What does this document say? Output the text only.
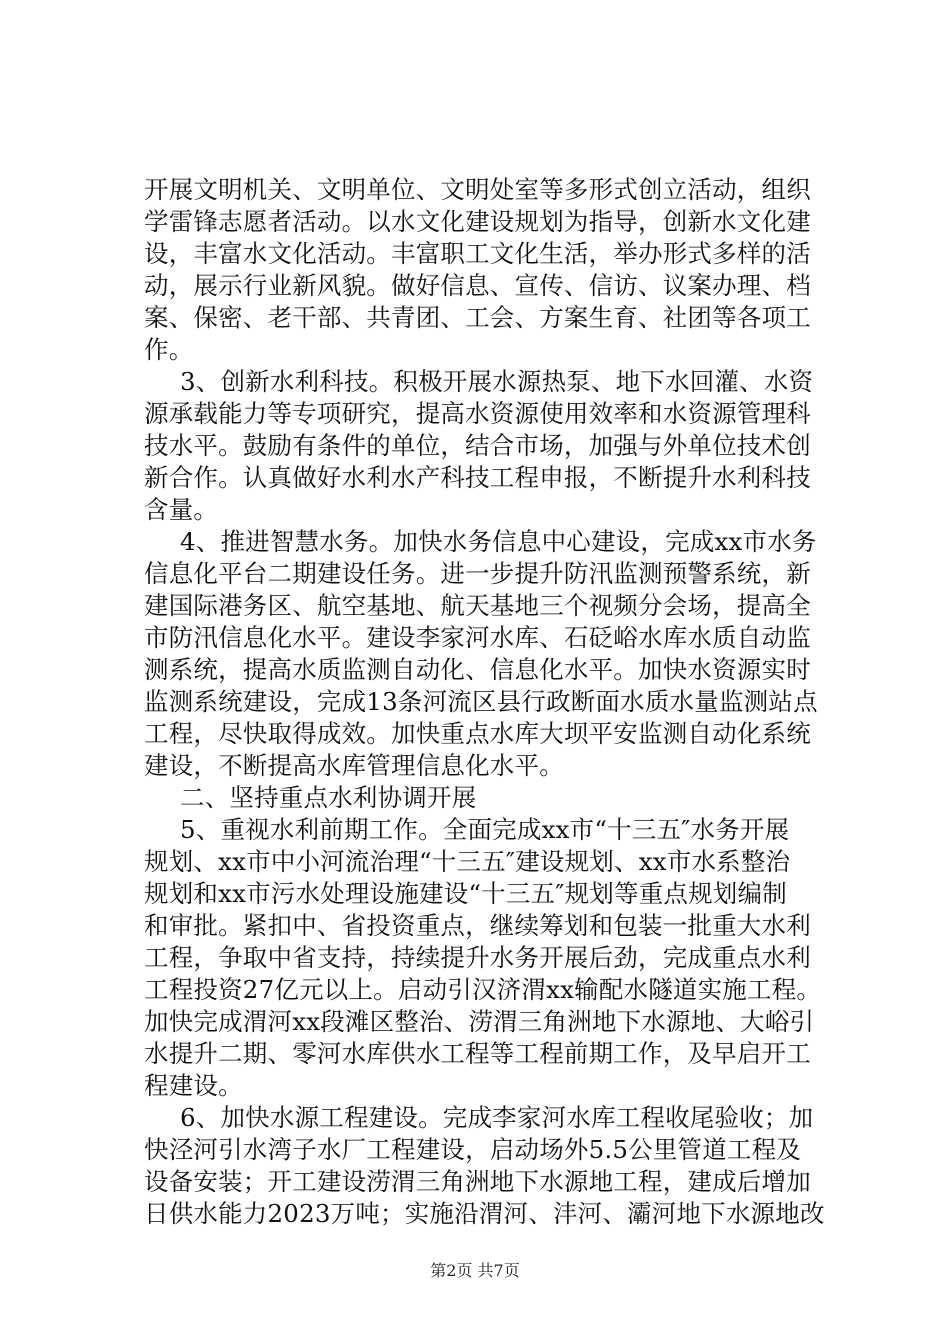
开展文明机关、文明单位、文明处室等多形式创立活动，组织
学雷锋志愿者活动。以水文化建设规划为指导，创新水文化建
设，丰富水文化活动。丰富职工文化生活，举办形式多样的活
动，展示行业新风貌。做好信息、宣传、信访、议案办理、档
案、保密、老干部、共青团、工会、方案生育、社团等各项工
作。
3、创新水利科技。积极开展水源热泵、地下水回灌、水资
源承载能力等专项研究，提高水资源使用效率和水资源管理科
技水平。鼓励有条件的单位，结合市场，加强与外单位技术创
新合作。认真做好水利水产科技工程申报，不断提升水利科技
含量。
4、推进智慧水务。加快水务信息中心建设，完成xx市水务
信息化平台二期建设任务。进一步提升防汛监测预警系统，新
建国际港务区、航空基地、航天基地三个视频分会场，提高全
市防汛信息化水平。建设李家河水库、石砭峪水库水质自动监
测系统，提高水质监测自动化、信息化水平。加快水资源实时
监测系统建设，完成13条河流区县行政断面水质水量监测站点
工程，尽快取得成效。加快重点水库大坝平安监测自动化系统
建设，不断提高水库管理信息化水平。
二、坚持重点水利协调开展
5、重视水利前期工作。全面完成xx市“十三五″水务开展
规划、xx市中小河流治理“十三五″建设规划、xx市水系整治
规划和xx市污水处理设施建设“十三五″规划等重点规划编制
和审批。紧扣中、省投资重点，继续筹划和包装一批重大水利
工程，争取中省支持，持续提升水务开展后劲，完成重点水利
工程投资27亿元以上。启动引汉济渭xx输配水隧道实施工程。
加快完成渭河xx段滩区整治、涝渭三角洲地下水源地、大峪引
水提升二期、零河水库供水工程等工程前期工作，及早启开工
程建设。
6、加快水源工程建设。完成李家河水库工程收尾验收；加
快泾河引水湾子水厂工程建设，启动场外5.5公里管道工程及
设备安装；开工建设涝渭三角洲地下水源地工程，建成后增加
日供水能力2023万吨；实施沿渭河、沣河、灞河地下水源地改
第2页 共7页
